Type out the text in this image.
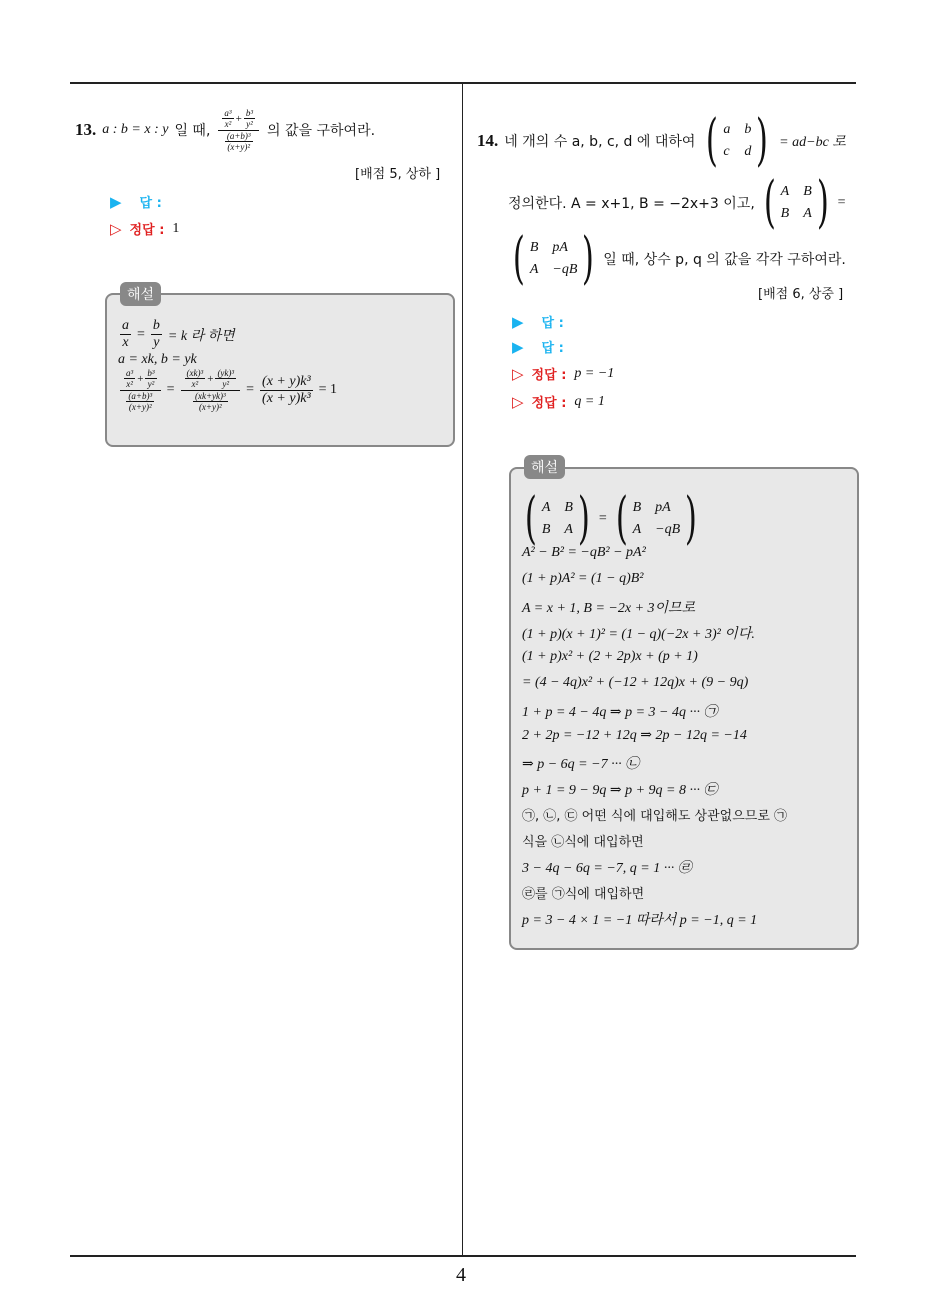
4
13. a : b = x : y 일 때, $\frac{\frac{\text{a³}}{\text{x²}} + \frac{\text{b³}}{\text{y²}}}{\frac{\text{(a+b)³}}{\text{(x+y)²}}}$ 의 값을 구하여라.
[배점 5, 상하 ]
▶ 답 :
▷ 정답 : 1
해설
$\frac{a}{x} = \frac{b}{y} = k$ 라 하면
a = xk, b = yk
$\frac{\frac{\text{a³}}{\text{x²}} + \frac{\text{b³}}{\text{y²}}}{\frac{\text{(a+b)³}}{\text{(x+y)²}}} = \frac{\frac{\text{(xk)³}}{\text{x²}} + \frac{\text{(yk)³}}{\text{y²}}}{\frac{\text{(xk+yk)³}}{\text{(x+y)²}}} = \frac{\text{(x + y)k³}}{\text{(x + y)k³}} = 1$
14. 네 개의 수 a, b, c, d 에 대하여 ( a b
c d ) = ad−bc 로
정의한다. A = x+1, B = −2x+3 이고, ( A B
B A ) =
( B pA
A −qB ) 일 때, 상수 p, q 의 값을 각각 구하여라.
[배점 6, 상중 ]
▶ 답 :
▶ 답 :
▷ 정답 : p = −1
▷ 정답 : q = 1
해설
( A B
B A ) = ( B pA
A −qB )
A² − B² = −qB² − pA²
(1 + p)A² = (1 − q)B²
A = x + 1, B = −2x + 3이므로
(1 + p)(x + 1)² = (1 − q)(−2x + 3)² 이다.
(1 + p)x² + (2 + 2p)x + (p + 1)
= (4 − 4q)x² + (−12 + 12q)x + (9 − 9q)
1 + p = 4 − 4q ⇒ p = 3 − 4q ··· ㉠
2 + 2p = −12 + 12q ⇒ 2p − 12q = −14
⇒ p − 6q = −7 ··· ㉡
p + 1 = 9 − 9q ⇒ p + 9q = 8 ··· ㉢
㉠, ㉡, ㉢ 어떤 식에 대입해도 상관없으므로 ㉠
식을 ㉡식에 대입하면
3 − 4q − 6q = −7, q = 1 ··· ㉣
㉣를 ㉠식에 대입하면
p = 3 − 4 × 1 = −1 따라서 p = −1, q = 1
